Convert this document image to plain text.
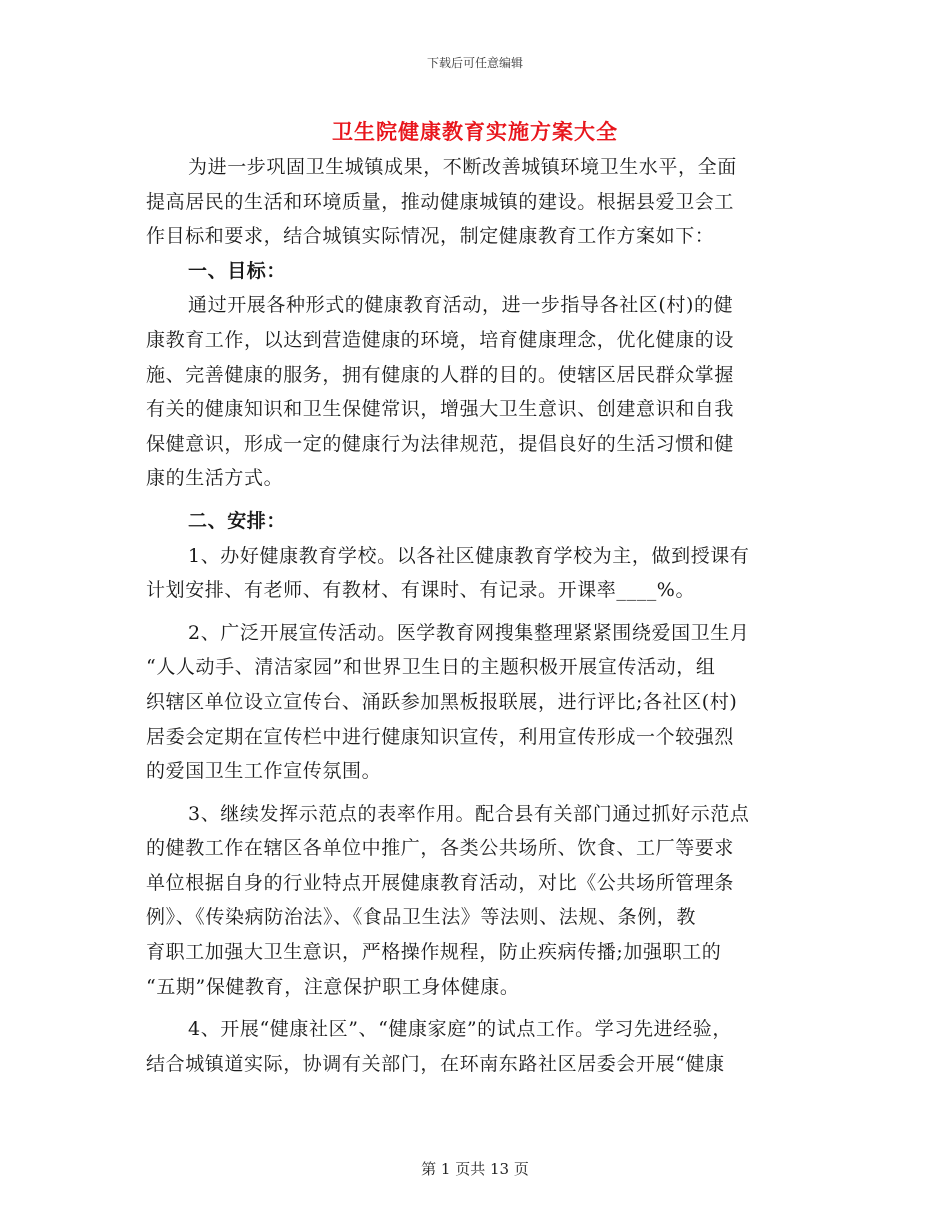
下载后可任意编辑
卫生院健康教育实施方案大全
为进一步巩固卫生城镇成果，不断改善城镇环境卫生水平，全面
提高居民的生活和环境质量，推动健康城镇的建设。根据县爱卫会工
作目标和要求，结合城镇实际情况，制定健康教育工作方案如下：
一、目标：
通过开展各种形式的健康教育活动，进一步指导各社区(村)的健
康教育工作，以达到营造健康的环境，培育健康理念，优化健康的设
施、完善健康的服务，拥有健康的人群的目的。使辖区居民群众掌握
有关的健康知识和卫生保健常识，增强大卫生意识、创建意识和自我
保健意识，形成一定的健康行为法律规范，提倡良好的生活习惯和健
康的生活方式。
二、安排：
1、办好健康教育学校。以各社区健康教育学校为主，做到授课有
计划安排、有老师、有教材、有课时、有记录。开课率____%。
2、广泛开展宣传活动。医学教育网搜集整理紧紧围绕爱国卫生月
“人人动手、清洁家园”和世界卫生日的主题积极开展宣传活动，组
织辖区单位设立宣传台、涌跃参加黑板报联展，进行评比;各社区(村)
居委会定期在宣传栏中进行健康知识宣传，利用宣传形成一个较强烈
的爱国卫生工作宣传氛围。
3、继续发挥示范点的表率作用。配合县有关部门通过抓好示范点
的健教工作在辖区各单位中推广，各类公共场所、饮食、工厂等要求
单位根据自身的行业特点开展健康教育活动，对比《公共场所管理条
例》、《传染病防治法》、《食品卫生法》等法则、法规、条例，教
育职工加强大卫生意识，严格操作规程，防止疾病传播;加强职工的
“五期”保健教育，注意保护职工身体健康。
4、开展“健康社区”、“健康家庭”的试点工作。学习先进经验，
结合城镇道实际，协调有关部门，在环南东路社区居委会开展“健康
第 1 页共 13 页
